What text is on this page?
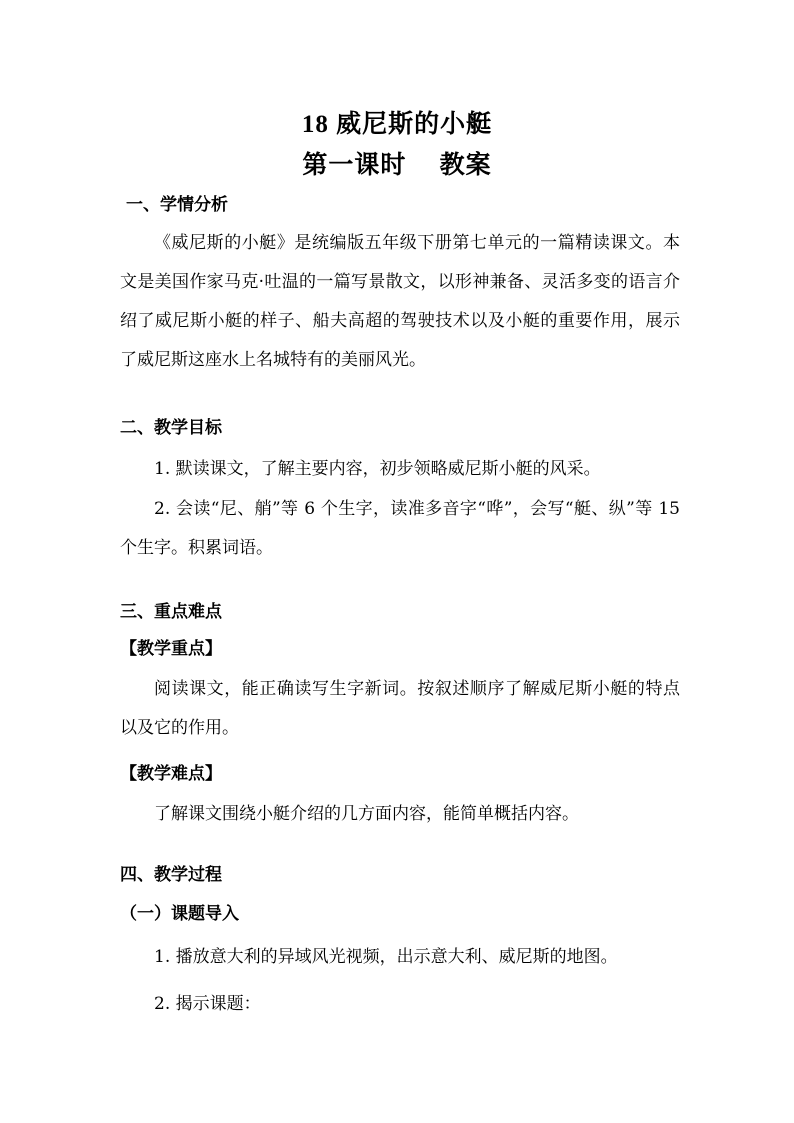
18 威尼斯的小艇
第一课时　 教案
一、学情分析
《威尼斯的小艇》是统编版五年级下册第七单元的一篇精读课文。本文是美国作家马克·吐温的一篇写景散文，以形神兼备、灵活多变的语言介绍了威尼斯小艇的样子、船夫高超的驾驶技术以及小艇的重要作用，展示了威尼斯这座水上名城特有的美丽风光。
二、教学目标
1. 默读课文，了解主要内容，初步领略威尼斯小艇的风采。
2. 会读“尼、艄”等 6 个生字，读准多音字“哗”，会写“艇、纵”等 15 个生字。积累词语。
三、重点难点
【教学重点】
阅读课文，能正确读写生字新词。按叙述顺序了解威尼斯小艇的特点以及它的作用。
【教学难点】
了解课文围绕小艇介绍的几方面内容，能简单概括内容。
四、教学过程
（一）课题导入
1. 播放意大利的异域风光视频，出示意大利、威尼斯的地图。
2. 揭示课题：
